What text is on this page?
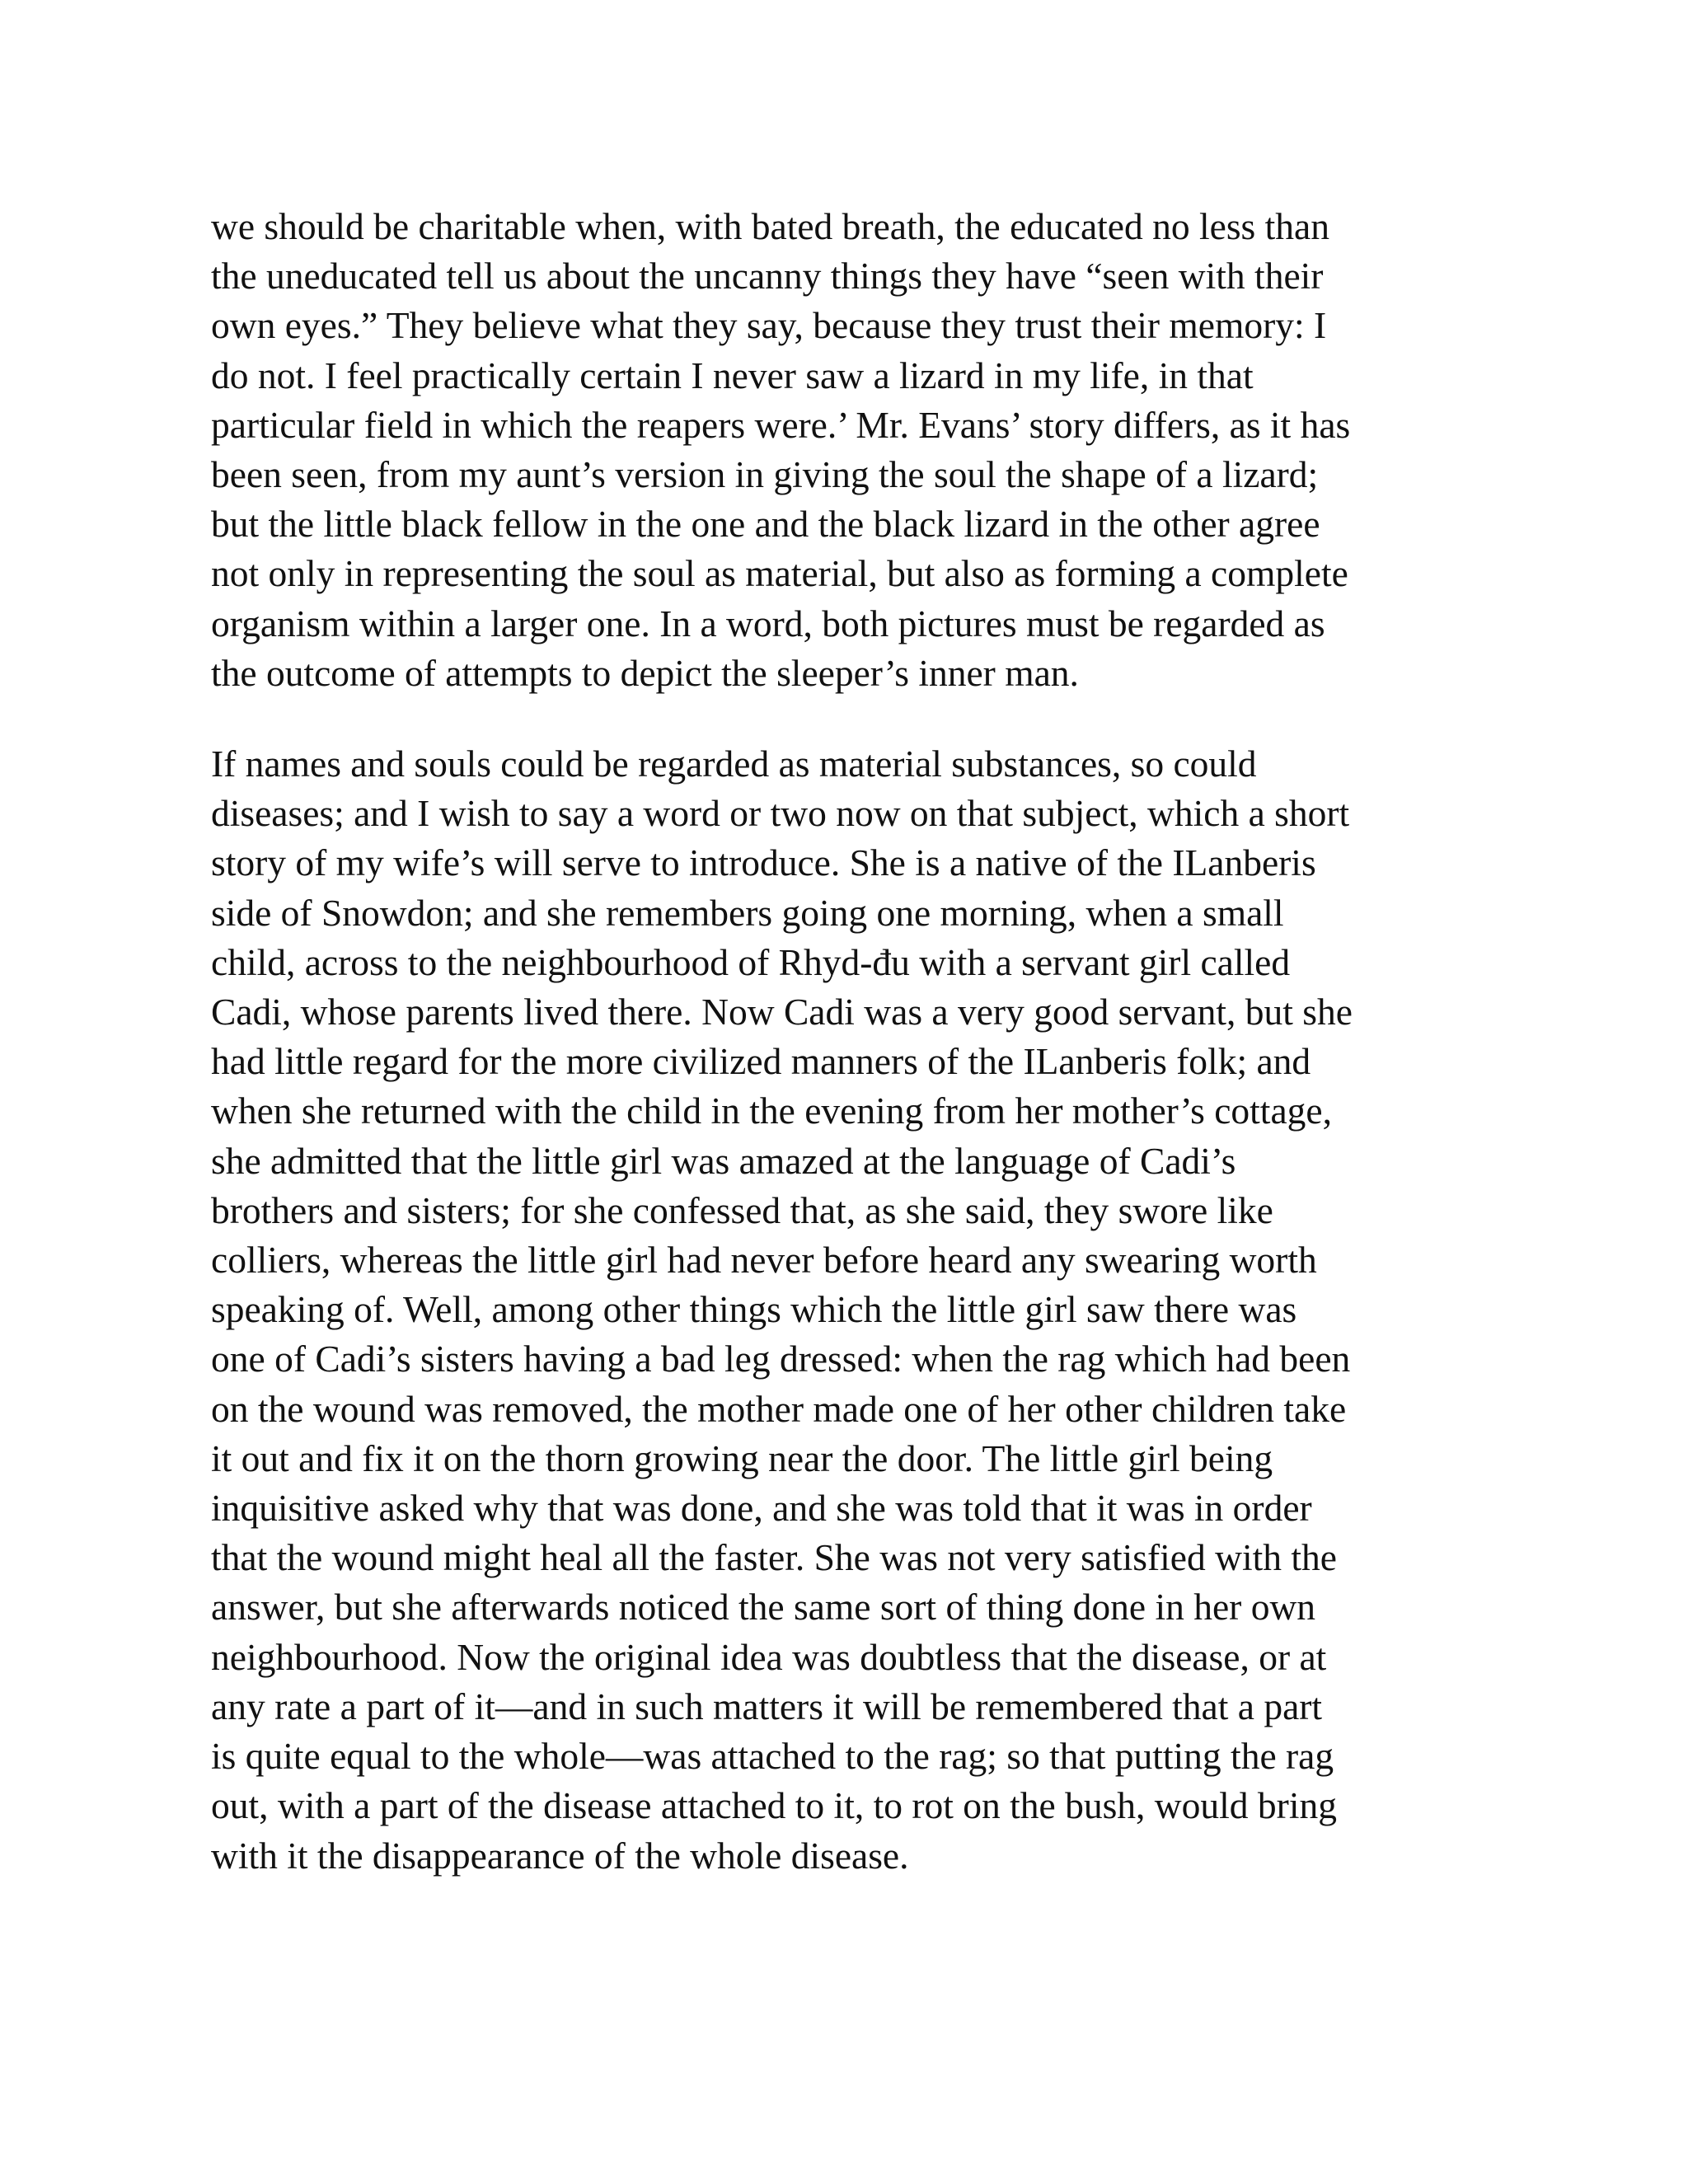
we should be charitable when, with bated breath, the educated no less than
the uneducated tell us about the uncanny things they have “seen with their
own eyes.” They believe what they say, because they trust their memory: I
do not. I feel practically certain I never saw a lizard in my life, in that
particular field in which the reapers were.’ Mr. Evans’ story differs, as it has
been seen, from my aunt’s version in giving the soul the shape of a lizard;
but the little black fellow in the one and the black lizard in the other agree
not only in representing the soul as material, but also as forming a complete
organism within a larger one. In a word, both pictures must be regarded as
the outcome of attempts to depict the sleeper’s inner man.

If names and souls could be regarded as material substances, so could
diseases; and I wish to say a word or two now on that subject, which a short
story of my wife’s will serve to introduce. She is a native of the ILanberis
side of Snowdon; and she remembers going one morning, when a small
child, across to the neighbourhood of Rhyd-đu with a servant girl called
Cadi, whose parents lived there. Now Cadi was a very good servant, but she
had little regard for the more civilized manners of the ILanberis folk; and
when she returned with the child in the evening from her mother’s cottage,
she admitted that the little girl was amazed at the language of Cadi’s
brothers and sisters; for she confessed that, as she said, they swore like
colliers, whereas the little girl had never before heard any swearing worth
speaking of. Well, among other things which the little girl saw there was
one of Cadi’s sisters having a bad leg dressed: when the rag which had been
on the wound was removed, the mother made one of her other children take
it out and fix it on the thorn growing near the door. The little girl being
inquisitive asked why that was done, and she was told that it was in order
that the wound might heal all the faster. She was not very satisfied with the
answer, but she afterwards noticed the same sort of thing done in her own
neighbourhood. Now the original idea was doubtless that the disease, or at
any rate a part of it—and in such matters it will be remembered that a part
is quite equal to the whole—was attached to the rag; so that putting the rag
out, with a part of the disease attached to it, to rot on the bush, would bring
with it the disappearance of the whole disease.
